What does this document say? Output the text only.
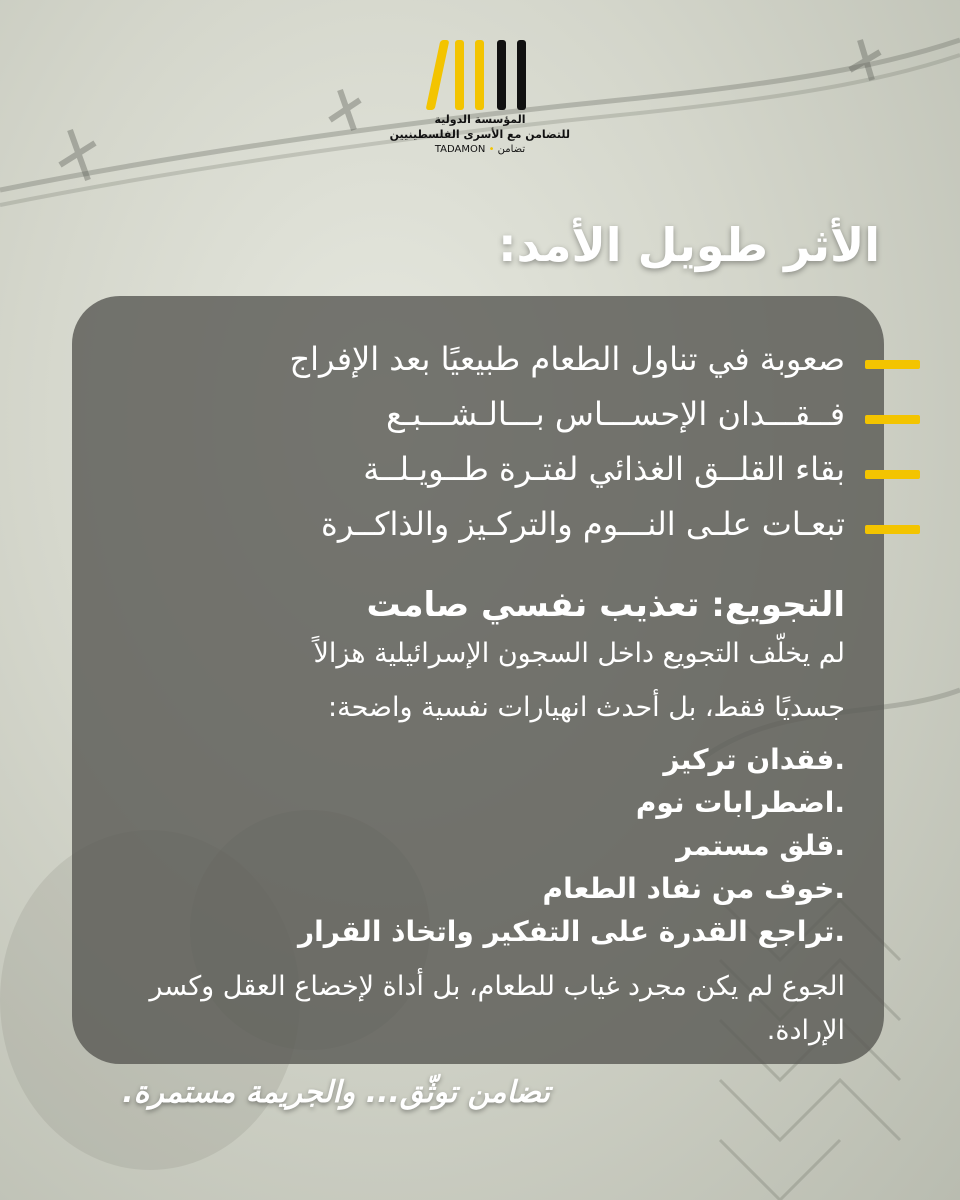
المؤسسة الدولية
للتضامن مع الأسرى الفلسطينيين
تضامن • TADAMON
الأثر طويل الأمد:
صعوبة في تناول الطعام طبيعيًا بعد الإفراج
فــقـــدان الإحســـاس بـــالـشـــبـع
بقاء القلــق الغذائي لفتـرة طــويـلــة
تبعـات علـى النـــوم والتركـيز والذاكــرة
التجويع: تعذيب نفسي صامت
لم يخلّف التجويع داخل السجون الإسرائيلية هزالاً
جسديًا فقط، بل أحدث انهيارات نفسية واضحة:
.فقدان تركيز
.اضطرابات نوم
.قلق مستمر
.خوف من نفاد الطعام
.تراجع القدرة على التفكير واتخاذ القرار
الجوع لم يكن مجرد غياب للطعام، بل أداة لإخضاع العقل وكسر الإرادة.
تضامن توثّق... والجريمة مستمرة.
